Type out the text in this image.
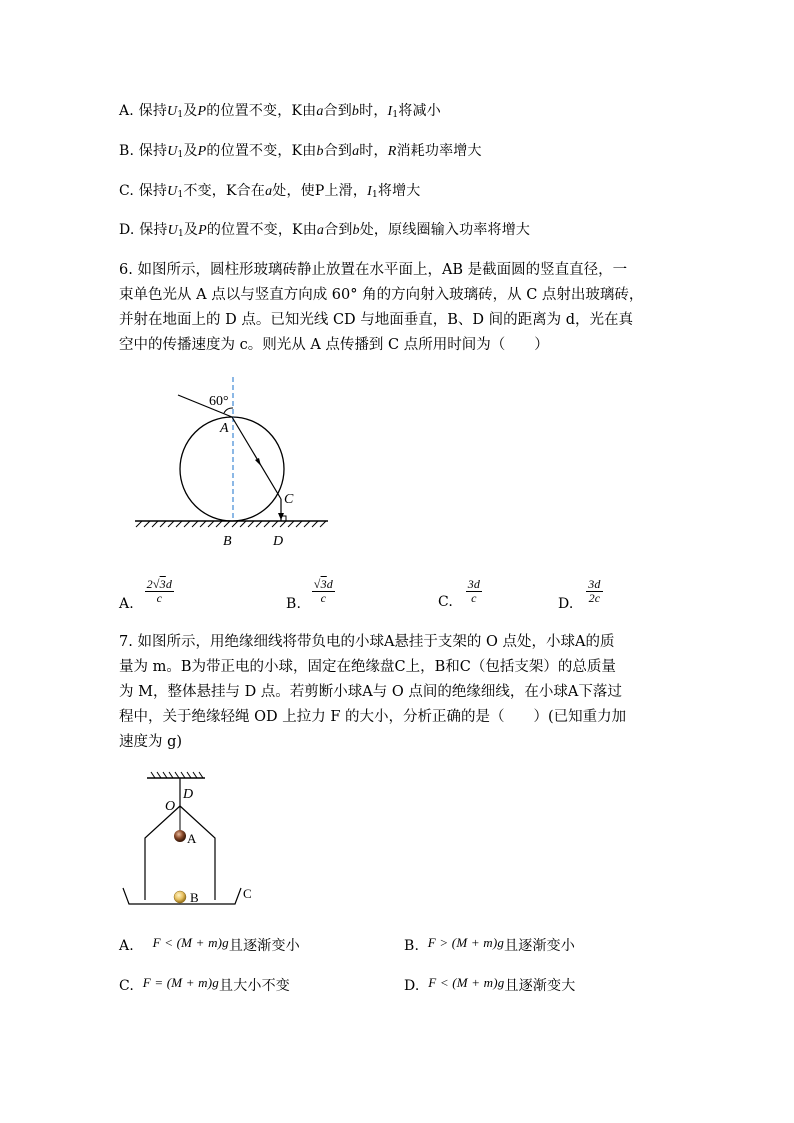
A. 保持$U_1$及P的位置不变，K由a合到b时，$I_1$将减小
B. 保持$U_1$及P的位置不变，K由b合到a时，R消耗功率增大
C. 保持$U_1$不变，K合在a处，使P上滑，$I_1$将增大
D. 保持$U_1$及P的位置不变，K由a合到b处，原线圈输入功率将增大
6. 如图所示，圆柱形玻璃砖静止放置在水平面上，AB 是截面圆的竖直直径，一
束单色光从 A 点以与竖直方向成 60° 角的方向射入玻璃砖，从 C 点射出玻璃砖，
并射在地面上的 D 点。已知光线 CD 与地面垂直，B、D 间的距离为 d，光在真
空中的传播速度为 c。则光从 A 点传播到 C 点所用时间为（　　）
60°
A
C
B	D
A. $\frac{2√3d}{c}$	B. $\frac{√3d}{c}$	C. $\frac{3d}{c}$	D. $\frac{3d}{2c}$
7. 如图所示，用绝缘细线将带负电的小球A悬挂于支架的 O 点处，小球A的质
量为 m。B为带正电的小球，固定在绝缘盘C上，B和C（包括支架）的总质量
为 M，整体悬挂与 D 点。若剪断小球A与 O 点间的绝缘细线，在小球A下落过
程中，关于绝缘轻绳 OD 上拉力 F 的大小，分析正确的是（　　）(已知重力加
速度为 g)
D
O
A
B	C
A. F < (M + m)g且逐渐变小	B. F > (M + m)g且逐渐变小
C. F = (M + m)g且大小不变	D. F < (M + m)g且逐渐变大
